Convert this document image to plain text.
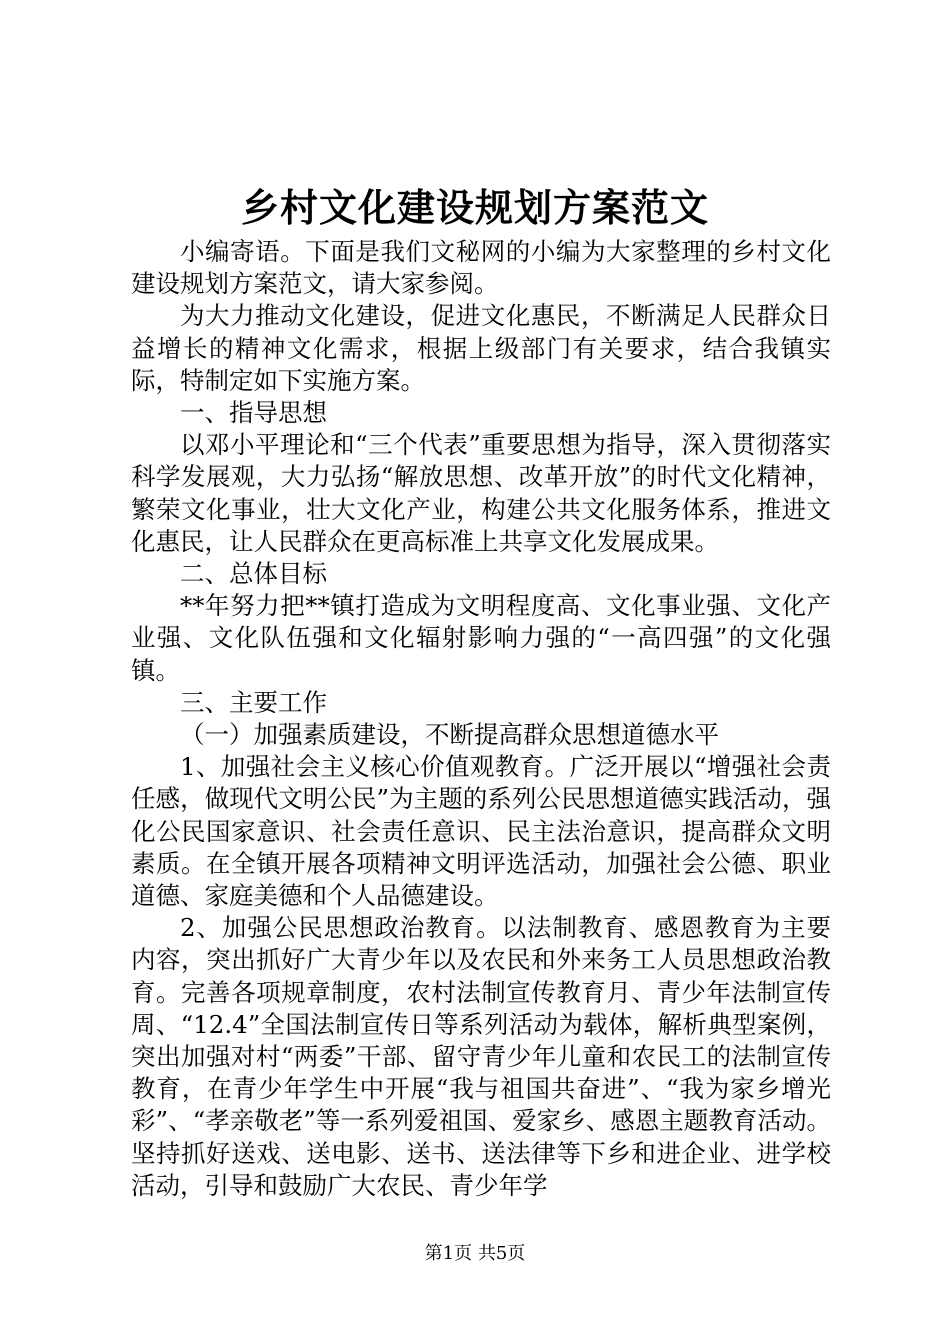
乡村文化建设规划方案范文

小编寄语。下面是我们文秘网的小编为大家整理的乡村文化建设规划方案范文，请大家参阅。

为大力推动文化建设，促进文化惠民，不断满足人民群众日益增长的精神文化需求，根据上级部门有关要求，结合我镇实际，特制定如下实施方案。

一、指导思想

以邓小平理论和“三个代表”重要思想为指导，深入贯彻落实科学发展观，大力弘扬“解放思想、改革开放”的时代文化精神，繁荣文化事业，壮大文化产业，构建公共文化服务体系，推进文化惠民，让人民群众在更高标准上共享文化发展成果。

二、总体目标

**年努力把**镇打造成为文明程度高、文化事业强、文化产业强、文化队伍强和文化辐射影响力强的“一高四强”的文化强镇。

三、主要工作

（一）加强素质建设，不断提高群众思想道德水平

1、加强社会主义核心价值观教育。广泛开展以“增强社会责任感，做现代文明公民”为主题的系列公民思想道德实践活动，强化公民国家意识、社会责任意识、民主法治意识，提高群众文明素质。在全镇开展各项精神文明评选活动，加强社会公德、职业道德、家庭美德和个人品德建设。

2、加强公民思想政治教育。以法制教育、感恩教育为主要内容，突出抓好广大青少年以及农民和外来务工人员思想政治教育。完善各项规章制度，农村法制宣传教育月、青少年法制宣传周、“12.4”全国法制宣传日等系列活动为载体，解析典型案例，突出加强对村“两委”干部、留守青少年儿童和农民工的法制宣传教育，在青少年学生中开展“我与祖国共奋进”、“我为家乡增光彩”、“孝亲敬老”等一系列爱祖国、爱家乡、感恩主题教育活动。坚持抓好送戏、送电影、送书、送法律等下乡和进企业、进学校活动，引导和鼓励广大农民、青少年学

第1页 共5页
